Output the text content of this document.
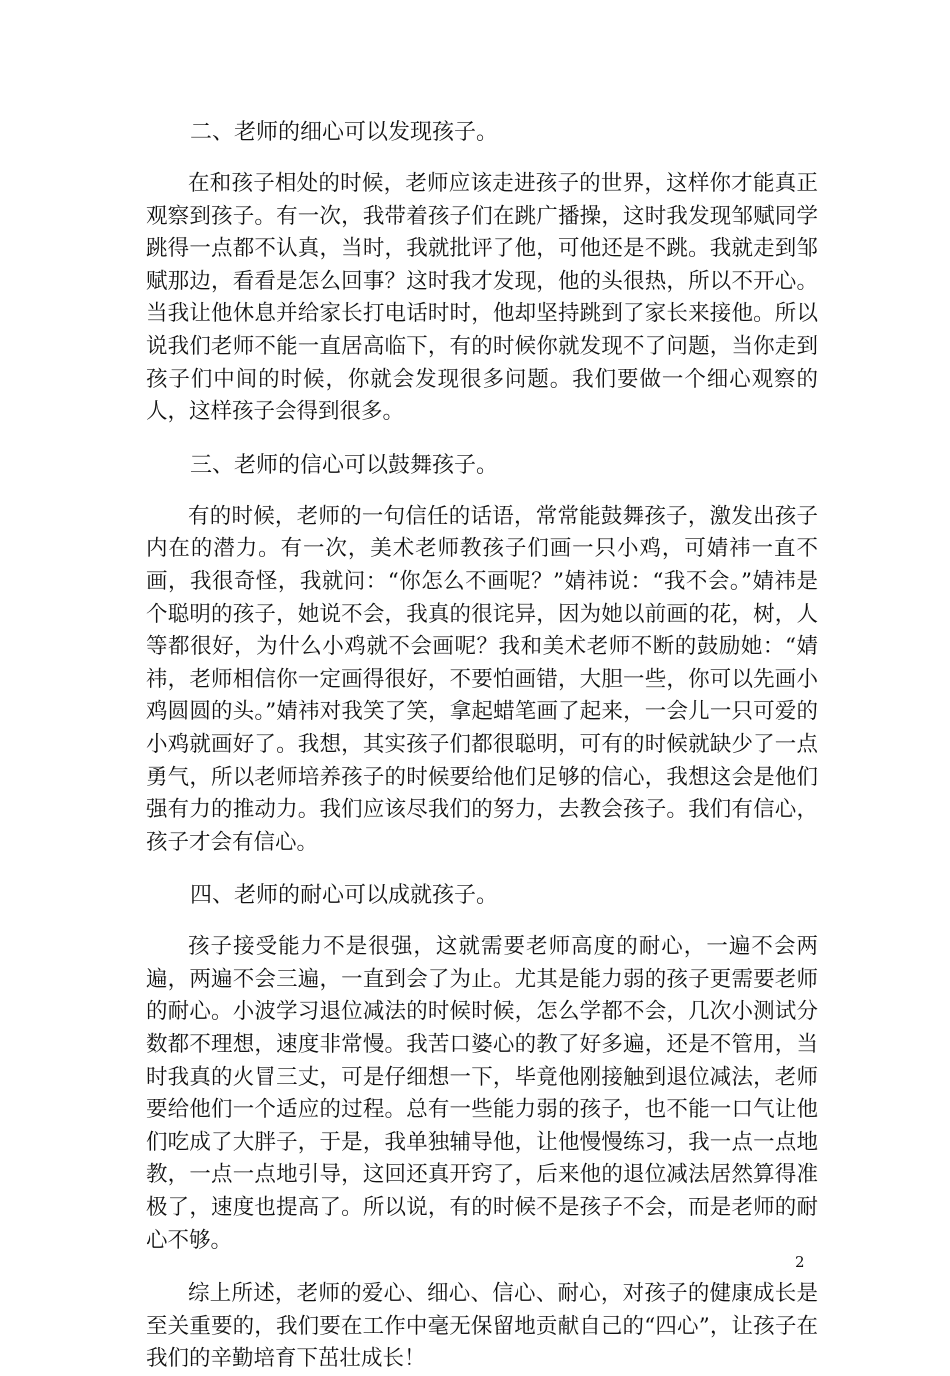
二、老师的细心可以发现孩子。
在和孩子相处的时候，老师应该走进孩子的世界，这样你才能真正观察到孩子。有一次，我带着孩子们在跳广播操，这时我发现邹赋同学跳得一点都不认真，当时，我就批评了他，可他还是不跳。我就走到邹赋那边，看看是怎么回事？这时我才发现，他的头很热，所以不开心。当我让他休息并给家长打电话时时，他却坚持跳到了家长来接他。所以说我们老师不能一直居高临下，有的时候你就发现不了问题，当你走到孩子们中间的时候，你就会发现很多问题。我们要做一个细心观察的人，这样孩子会得到很多。
三、老师的信心可以鼓舞孩子。
有的时候，老师的一句信任的话语，常常能鼓舞孩子，激发出孩子内在的潜力。有一次，美术老师教孩子们画一只小鸡，可婧祎一直不画，我很奇怪，我就问：“你怎么不画呢？”婧祎说：“我不会。”婧祎是个聪明的孩子，她说不会，我真的很诧异，因为她以前画的花，树，人等都很好，为什么小鸡就不会画呢？我和美术老师不断的鼓励她：“婧祎，老师相信你一定画得很好，不要怕画错，大胆一些，你可以先画小鸡圆圆的头。”婧祎对我笑了笑，拿起蜡笔画了起来，一会儿一只可爱的小鸡就画好了。我想，其实孩子们都很聪明，可有的时候就缺少了一点勇气，所以老师培养孩子的时候要给他们足够的信心，我想这会是他们强有力的推动力。我们应该尽我们的努力，去教会孩子。我们有信心，孩子才会有信心。
四、老师的耐心可以成就孩子。
孩子接受能力不是很强，这就需要老师高度的耐心，一遍不会两遍，两遍不会三遍，一直到会了为止。尤其是能力弱的孩子更需要老师的耐心。小波学习退位减法的时候时候，怎么学都不会，几次小测试分数都不理想，速度非常慢。我苦口婆心的教了好多遍，还是不管用，当时我真的火冒三丈，可是仔细想一下，毕竟他刚接触到退位减法，老师要给他们一个适应的过程。总有一些能力弱的孩子，也不能一口气让他们吃成了大胖子，于是，我单独辅导他，让他慢慢练习，我一点一点地教，一点一点地引导，这回还真开窍了，后来他的退位减法居然算得准极了，速度也提高了。所以说，有的时候不是孩子不会，而是老师的耐心不够。
综上所述，老师的爱心、细心、信心、耐心，对孩子的健康成长是至关重要的，我们要在工作中毫无保留地贡献自己的“四心”，让孩子在我们的辛勤培育下茁壮成长！
2
